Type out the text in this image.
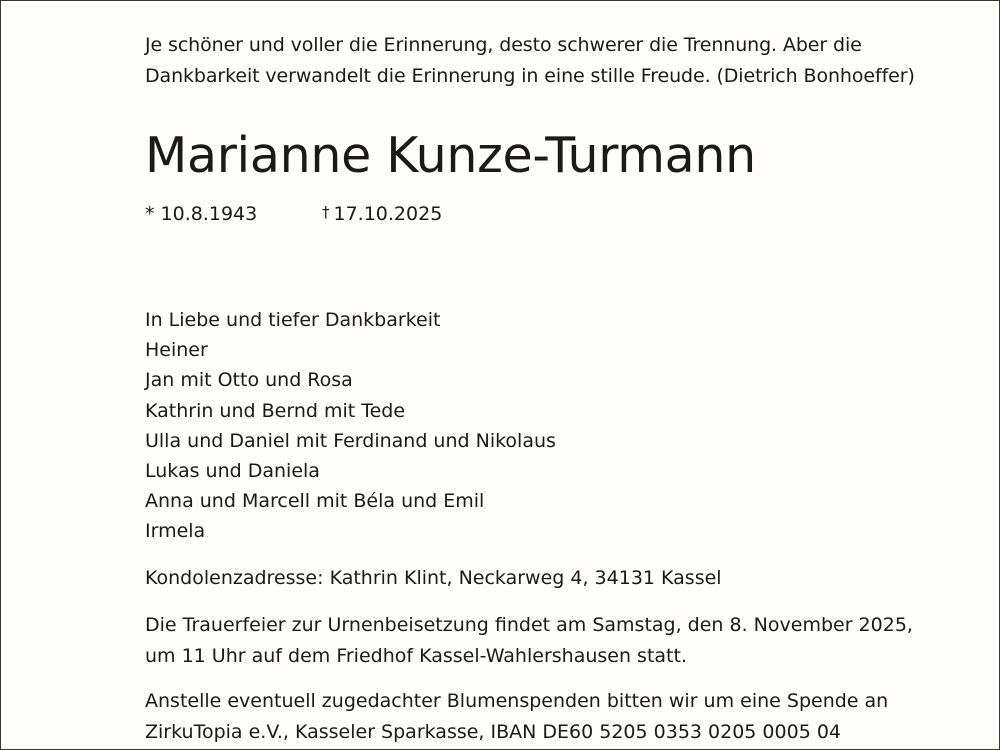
Je schöner und voller die Erinnerung, desto schwerer die Trennung. Aber die
Dankbarkeit verwandelt die Erinnerung in eine stille Freude. (Dietrich Bonhoeffer)

Marianne Kunze-Turmann
* 10.8.1943	† 17.10.2025
In Liebe und tiefer Dankbarkeit
Heiner
Jan mit Otto und Rosa
Kathrin und Bernd mit Tede
Ulla und Daniel mit Ferdinand und Nikolaus
Lukas und Daniela
Anna und Marcell mit Béla und Emil
Irmela

Kondolenzadresse: Kathrin Klint, Neckarweg 4, 34131 Kassel

Die Trauerfeier zur Urnenbeisetzung findet am Samstag, den 8. November 2025,
um 11 Uhr auf dem Friedhof Kassel-Wahlershausen statt.

Anstelle eventuell zugedachter Blumenspenden bitten wir um eine Spende an
ZirkuTopia e.V., Kasseler Sparkasse, IBAN DE60 5205 0353 0205 0005 04
